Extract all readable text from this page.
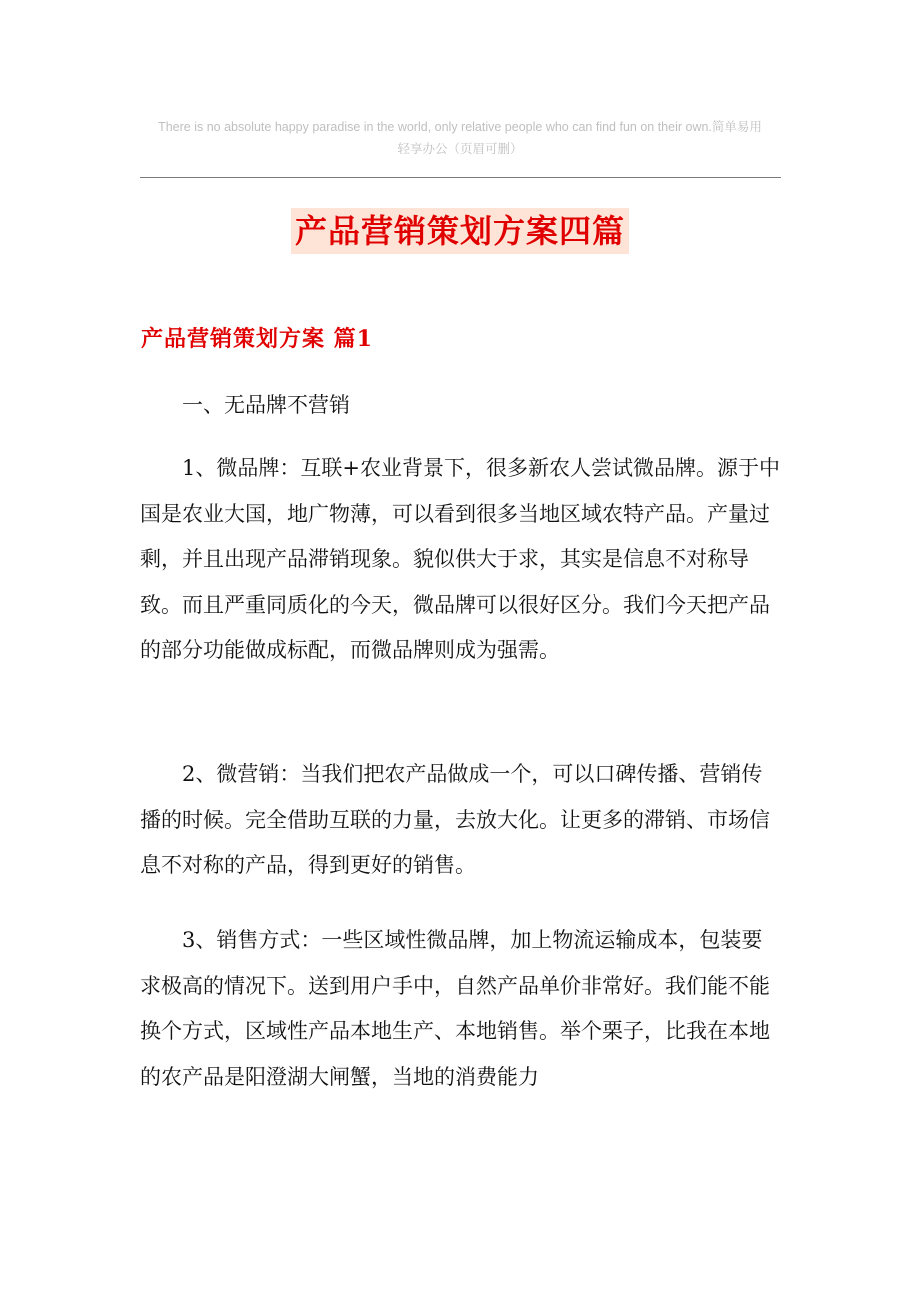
There is no absolute happy paradise in the world, only relative people who can find fun on their own.简单易用
轻享办公（页眉可删）
产品营销策划方案四篇
产品营销策划方案 篇1

一、无品牌不营销

1、微品牌：互联+农业背景下，很多新农人尝试微品牌。源于中国是农业大国，地广物薄，可以看到很多当地区域农特产品。产量过剩，并且出现产品滞销现象。貌似供大于求，其实是信息不对称导致。而且严重同质化的今天，微品牌可以很好区分。我们今天把产品的部分功能做成标配，而微品牌则成为强需。

2、微营销：当我们把农产品做成一个，可以口碑传播、营销传播的时候。完全借助互联的力量，去放大化。让更多的滞销、市场信息不对称的产品，得到更好的销售。

3、销售方式：一些区域性微品牌，加上物流运输成本，包装要求极高的情况下。送到用户手中，自然产品单价非常好。我们能不能换个方式，区域性产品本地生产、本地销售。举个栗子，比我在本地的农产品是阳澄湖大闸蟹，当地的消费能力
